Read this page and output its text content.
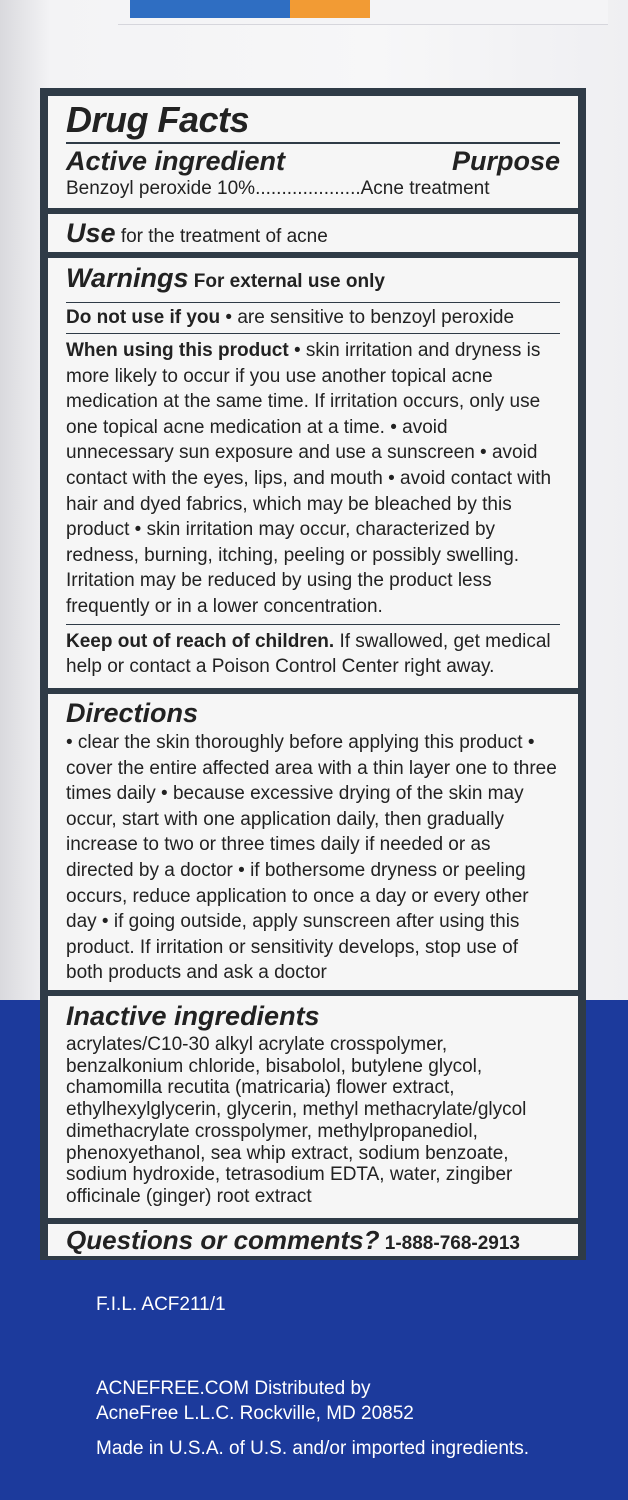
Drug Facts
Active ingredient	Purpose
Benzoyl peroxide 10%....................Acne treatment
Use for the treatment of acne
Warnings For external use only
Do not use if you • are sensitive to benzoyl peroxide
When using this product • skin irritation and dryness is more likely to occur if you use another topical acne medication at the same time. If irritation occurs, only use one topical acne medication at a time. • avoid unnecessary sun exposure and use a sunscreen • avoid contact with the eyes, lips, and mouth • avoid contact with hair and dyed fabrics, which may be bleached by this product • skin irritation may occur, characterized by redness, burning, itching, peeling or possibly swelling. Irritation may be reduced by using the product less frequently or in a lower concentration.
Keep out of reach of children. If swallowed, get medical help or contact a Poison Control Center right away.
Directions
• clear the skin thoroughly before applying this product • cover the entire affected area with a thin layer one to three times daily • because excessive drying of the skin may occur, start with one application daily, then gradually increase to two or three times daily if needed or as directed by a doctor • if bothersome dryness or peeling occurs, reduce application to once a day or every other day • if going outside, apply sunscreen after using this product. If irritation or sensitivity develops, stop use of both products and ask a doctor
Inactive ingredients
acrylates/C10-30 alkyl acrylate crosspolymer, benzalkonium chloride, bisabolol, butylene glycol, chamomilla recutita (matricaria) flower extract, ethylhexylglycerin, glycerin, methyl methacrylate/glycol dimethacrylate crosspolymer, methylpropanediol, phenoxyethanol, sea whip extract, sodium benzoate, sodium hydroxide, tetrasodium EDTA, water, zingiber officinale (ginger) root extract
Questions or comments? 1-888-768-2913
F.I.L. ACF211/1
ACNEFREE.COM Distributed by
AcneFree L.L.C. Rockville, MD 20852
Made in U.S.A. of U.S. and/or imported ingredients.
